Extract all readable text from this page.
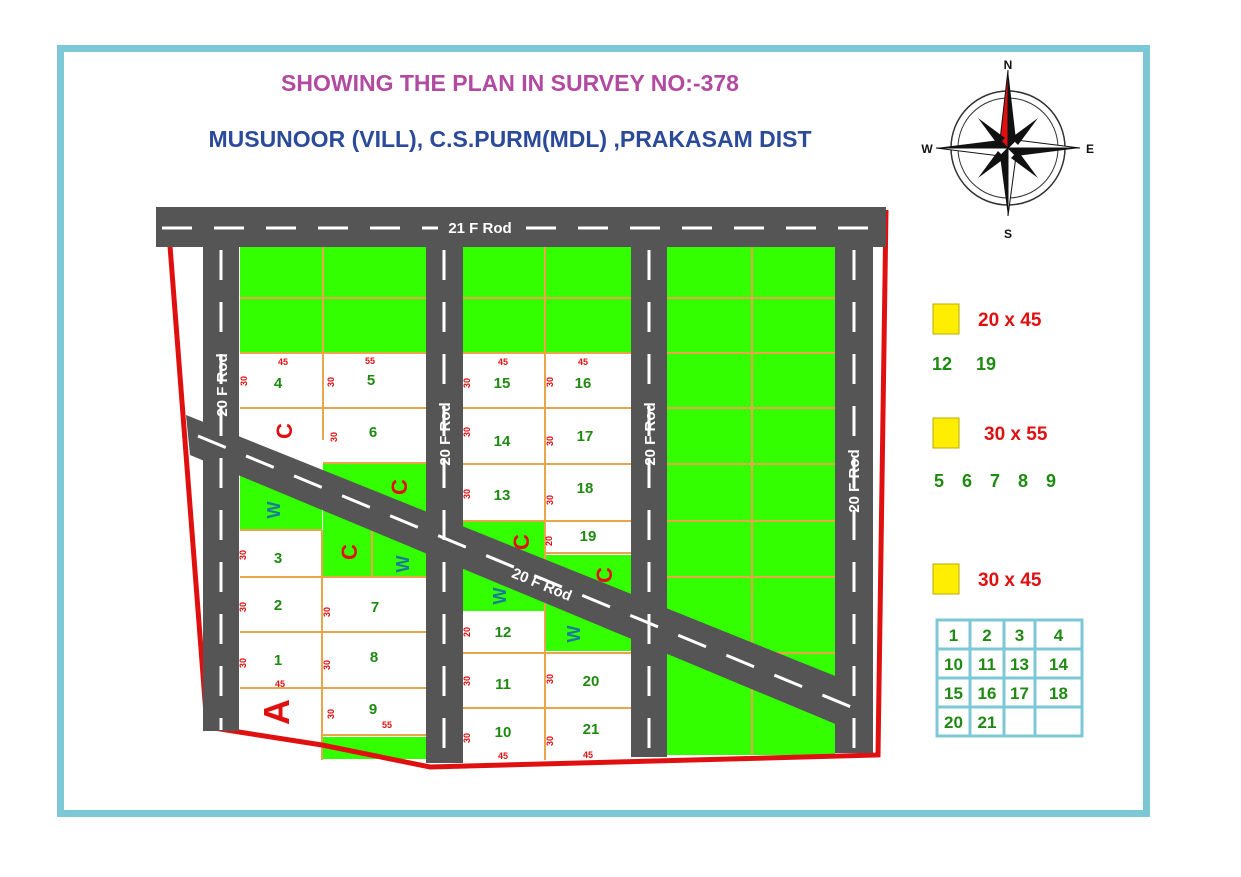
SHOWING THE PLAN IN SURVEY NO:-378
MUSUNOOR (VILL), C.S.PURM(MDL) ,PRAKASAM DIST
21 F Rod
20 F Rod
20 F Rod	20 F Rod
20 F Rod
20 F Rod
4
30
45
5
30
55
6
30
3
30
2
30	7
30
1
30
45
8
30
9
30
55
15
30
45
16
30
45
14
30	17
30
13
30	18
30
19
20
12
20
11
30	20
30
10
30
45
21
30
45
C
C
C
C
C
W
W
W
W
A
N
S
W	E
20 x 45
12 19
30 x 55
5 6 7 8 9
30 x 45
1 2 3 4
10 11 13 14
15 16 17 18
20 21
